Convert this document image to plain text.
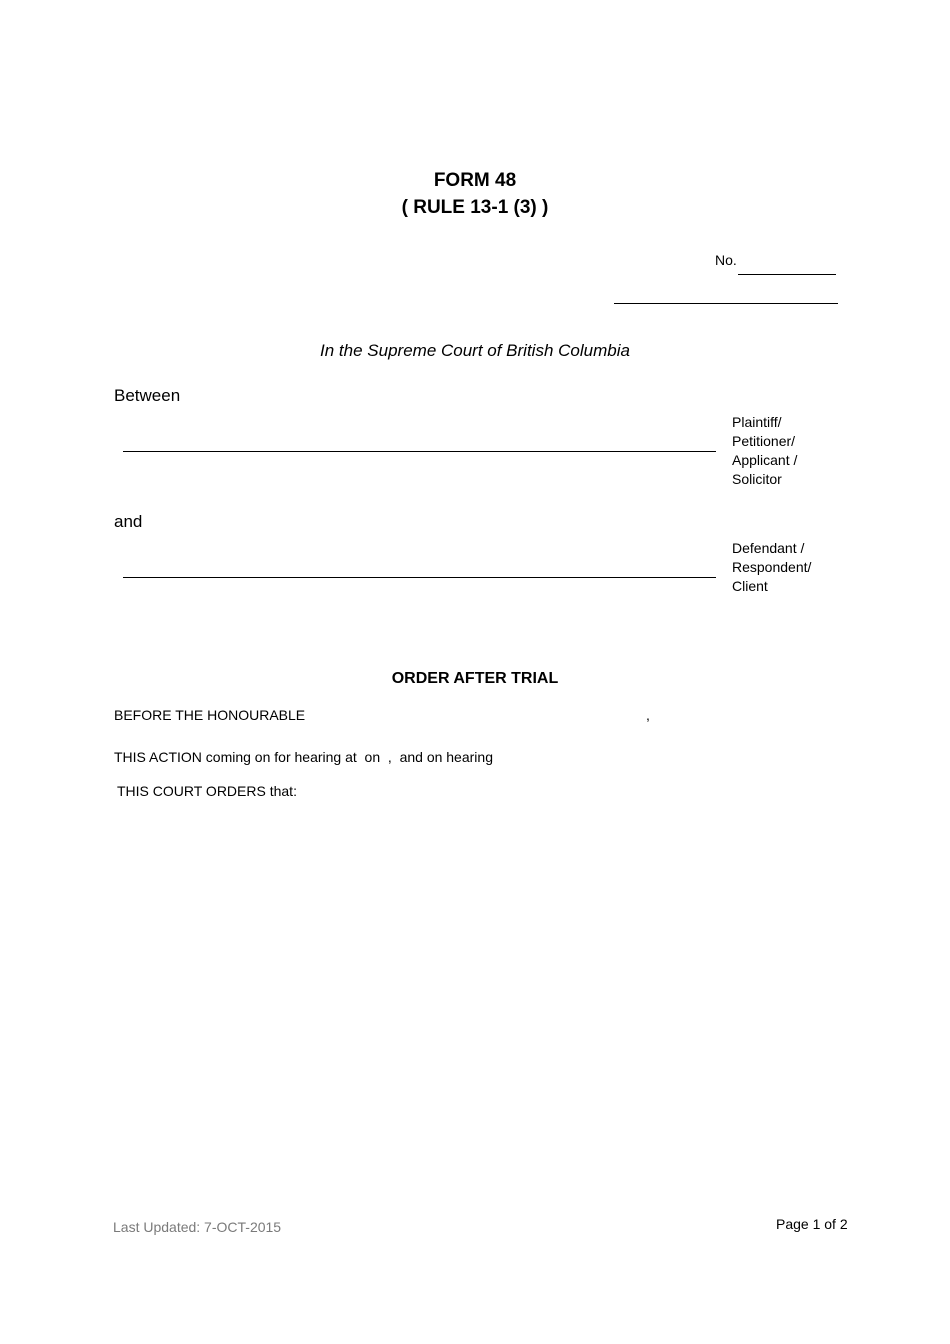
FORM 48
( RULE 13-1 (3) )
No.
In the Supreme Court of British Columbia
Between
Plaintiff/
Petitioner/
Applicant /
Solicitor
and
Defendant /
Respondent/
Client
ORDER AFTER TRIAL
BEFORE THE HONOURABLE	,
THIS ACTION coming on for hearing at  on  ,  and on hearing
THIS COURT ORDERS that:
Last Updated: 7-OCT-2015	Page 1 of 2
